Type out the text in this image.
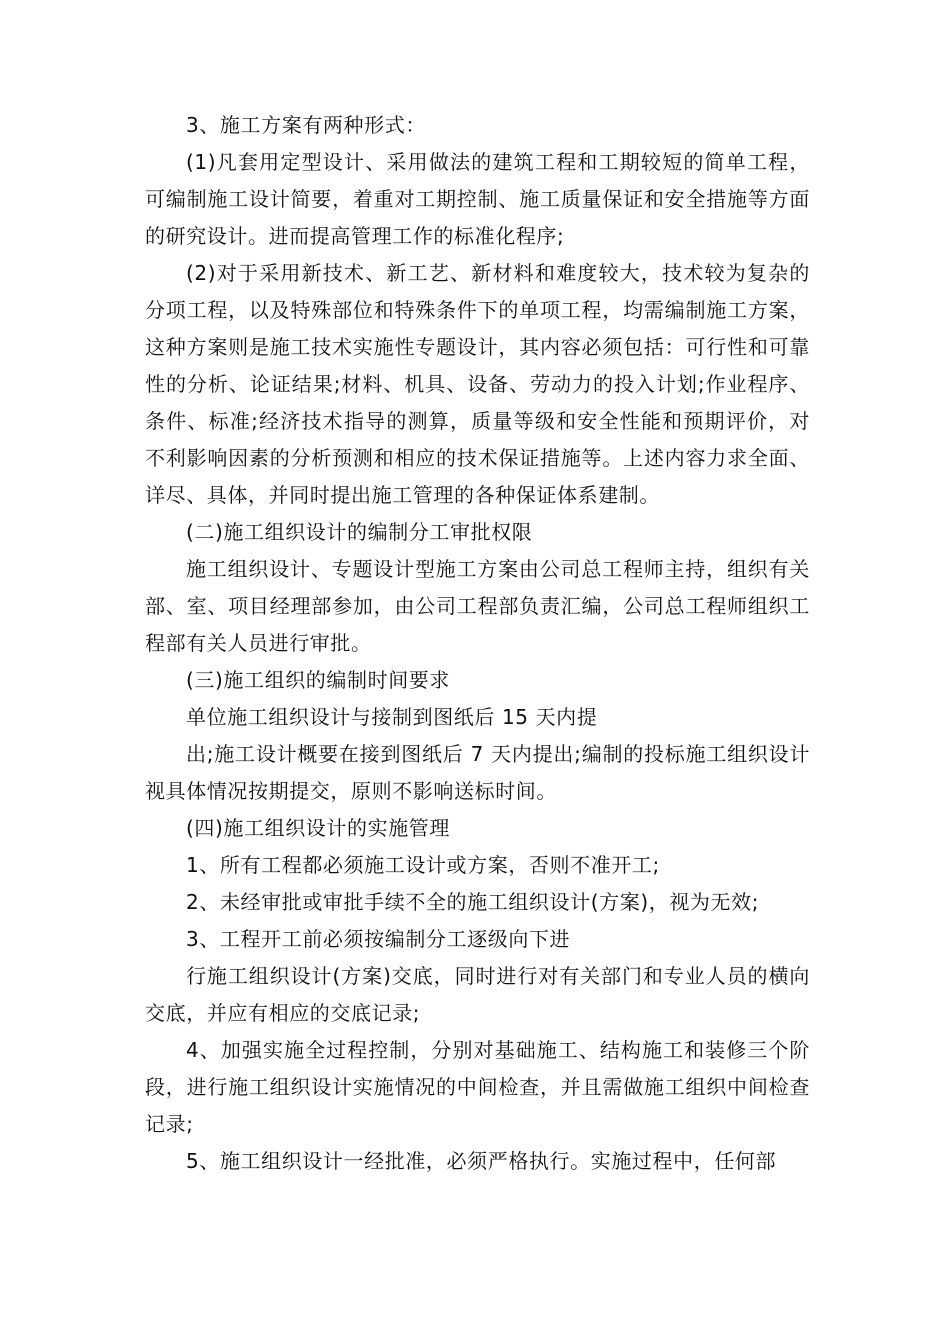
3、施工方案有两种形式：

(1)凡套用定型设计、采用做法的建筑工程和工期较短的简单工程，可编制施工设计简要，着重对工期控制、施工质量保证和安全措施等方面的研究设计。进而提高管理工作的标准化程序;

(2)对于采用新技术、新工艺、新材料和难度较大，技术较为复杂的分项工程，以及特殊部位和特殊条件下的单项工程，均需编制施工方案，这种方案则是施工技术实施性专题设计，其内容必须包括：可行性和可靠性的分析、论证结果;材料、机具、设备、劳动力的投入计划;作业程序、条件、标准;经济技术指导的测算，质量等级和安全性能和预期评价，对不利影响因素的分析预测和相应的技术保证措施等。上述内容力求全面、详尽、具体，并同时提出施工管理的各种保证体系建制。

(二)施工组织设计的编制分工审批权限

施工组织设计、专题设计型施工方案由公司总工程师主持，组织有关部、室、项目经理部参加，由公司工程部负责汇编，公司总工程师组织工程部有关人员进行审批。

(三)施工组织的编制时间要求

单位施工组织设计与接制到图纸后 15 天内提

出;施工设计概要在接到图纸后 7 天内提出;编制的投标施工组织设计视具体情况按期提交，原则不影响送标时间。

(四)施工组织设计的实施管理

1、所有工程都必须施工设计或方案，否则不准开工;

2、未经审批或审批手续不全的施工组织设计(方案)，视为无效;

3、工程开工前必须按编制分工逐级向下进

行施工组织设计(方案)交底，同时进行对有关部门和专业人员的横向交底，并应有相应的交底记录;

4、加强实施全过程控制，分别对基础施工、结构施工和装修三个阶段，进行施工组织设计实施情况的中间检查，并且需做施工组织中间检查记录;

5、施工组织设计一经批准，必须严格执行。实施过程中，任何部
